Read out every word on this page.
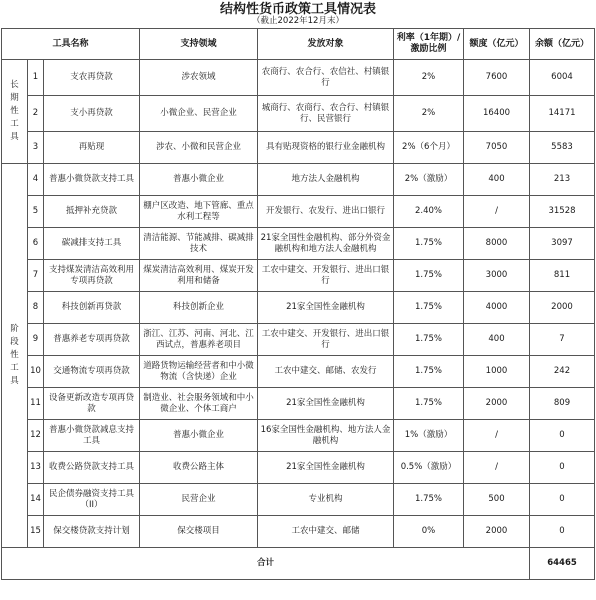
结构性货币政策工具情况表
（截止2022年12月末）
工具名称			支持领域	发放对象	利率（1年期）/激励比例	额度（亿元）	余额（亿元）

长期性工具	1	支农再贷款	涉农领域	农商行、农合行、农信社、村镇银行	2%	7600	6004
	2	支小再贷款	小微企业、民营企业	城商行、农商行、农合行、村镇银行、民营银行	2%	16400	14171
	3	再贴现	涉农、小微和民营企业	具有贴现资格的银行业金融机构	2%（6个月）	7050	5583

阶段性工具	4	普惠小微贷款支持工具	普惠小微企业	地方法人金融机构	2%（激励）	400	213
	5	抵押补充贷款	棚户区改造、地下管廊、重点水利工程等	开发银行、农发行、进出口银行	2.40%	/	31528
	6	碳减排支持工具	清洁能源、节能减排、碳减排技术	21家全国性金融机构、部分外资金融机构和地方法人金融机构	1.75%	8000	3097
	7	支持煤炭清洁高效利用专项再贷款	煤炭清洁高效利用、煤炭开发利用和储备	工农中建交、开发银行、进出口银行	1.75%	3000	811
	8	科技创新再贷款	科技创新企业	21家全国性金融机构	1.75%	4000	2000
	9	普惠养老专项再贷款	浙江、江苏、河南、河北、江西试点，普惠养老项目	工农中建交、开发银行、进出口银行	1.75%	400	7
	10	交通物流专项再贷款	道路货物运输经营者和中小微物流（含快递）企业	工农中建交、邮储、农发行	1.75%	1000	242
	11	设备更新改造专项再贷款	制造业、社会服务领域和中小微企业、个体工商户	21家全国性金融机构	1.75%	2000	809
	12	普惠小微贷款减息支持工具	普惠小微企业	16家全国性金融机构、地方法人金融机构	1%（激励）	/	0
	13	收费公路贷款支持工具	收费公路主体	21家全国性金融机构	0.5%（激励）	/	0
	14	民企债券融资支持工具（II）	民营企业	专业机构	1.75%	500	0
	15	保交楼贷款支持计划	保交楼项目	工农中建交、邮储	0%	2000	0
合计							64465
